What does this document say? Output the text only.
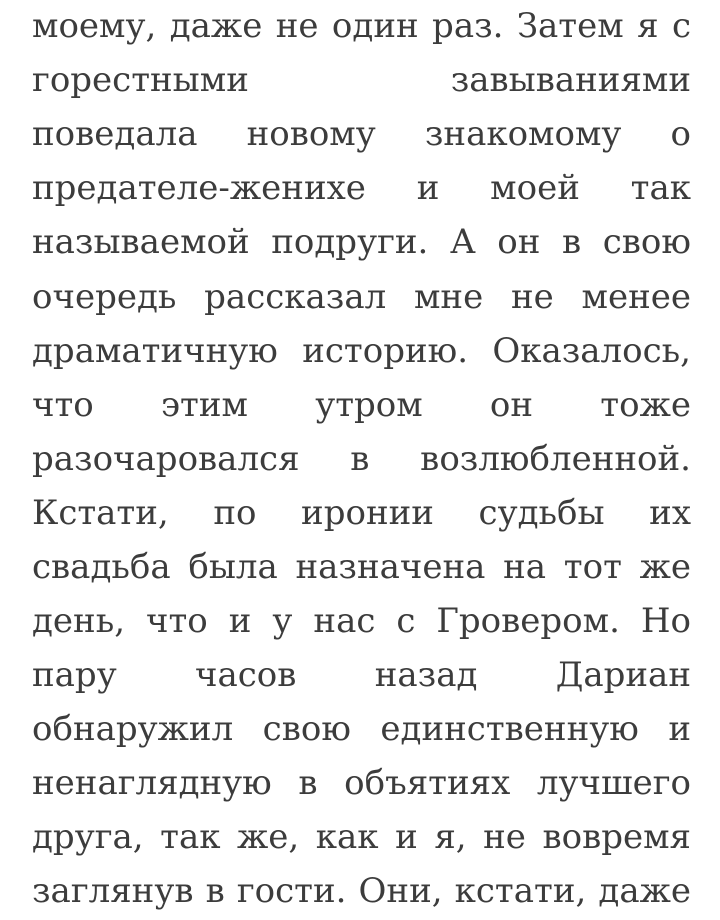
моему, даже не один раз. Затем я с
горестными завываниями
поведала новому знакомому о
предателе-женихе и моей так
называемой подруги. А он в свою
очередь рассказал мне не менее
драматичную историю. Оказалось,
что этим утром он тоже
разочаровался в возлюбленной.
Кстати, по иронии судьбы их
свадьба была назначена на тот же
день, что и у нас с Гровером. Но
пару часов назад Дариан
обнаружил свою единственную и
ненаглядную в объятиях лучшего
друга, так же, как и я, не вовремя
заглянув в гости. Они, кстати, даже
